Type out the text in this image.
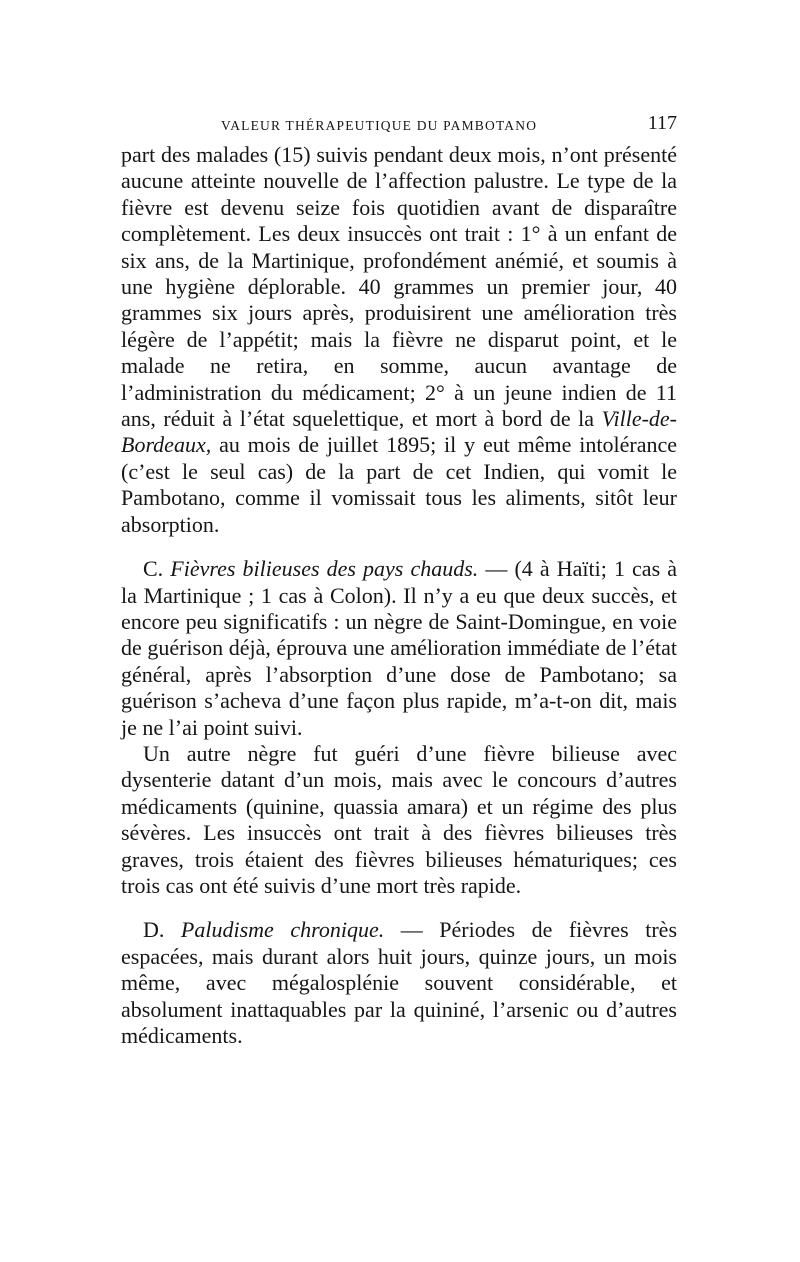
VALEUR THÉRAPEUTIQUE DU PAMBOTANO	117

part des malades (15) suivis pendant deux mois, n’ont présenté aucune atteinte nouvelle de l’affection palustre. Le type de la fièvre est devenu seize fois quotidien avant de disparaître complètement. Les deux insuccès ont trait : 1° à un enfant de six ans, de la Martinique, profondément anémié, et soumis à une hygiène déplorable. 40 grammes un premier jour, 40 grammes six jours après, produisirent une amélioration très légère de l’appétit; mais la fièvre ne disparut point, et le malade ne retira, en somme, aucun avantage de l’administration du médicament; 2° à un jeune indien de 11 ans, réduit à l’état squelettique, et mort à bord de la Ville-de-Bordeaux, au mois de juillet 1895; il y eut même intolérance (c’est le seul cas) de la part de cet Indien, qui vomit le Pambotano, comme il vomissait tous les aliments, sitôt leur absorption.

C. Fièvres bilieuses des pays chauds. — (4 à Haïti; 1 cas à la Martinique ; 1 cas à Colon). Il n’y a eu que deux succès, et encore peu significatifs : un nègre de Saint-Domingue, en voie de guérison déjà, éprouva une amélioration immédiate de l’état général, après l’absorption d’une dose de Pambotano; sa guérison s’acheva d’une façon plus rapide, m’a-t-on dit, mais je ne l’ai point suivi.

Un autre nègre fut guéri d’une fièvre bilieuse avec dysenterie datant d’un mois, mais avec le concours d’autres médicaments (quinine, quassia amara) et un régime des plus sévères. Les insuccès ont trait à des fièvres bilieuses très graves, trois étaient des fièvres bilieuses hématuriques; ces trois cas ont été suivis d’une mort très rapide.

D. Paludisme chronique. — Périodes de fièvres très espacées, mais durant alors huit jours, quinze jours, un mois même, avec mégalosplénie souvent considérable, et absolument inattaquables par la quininé, l’arsenic ou d’autres médicaments.
